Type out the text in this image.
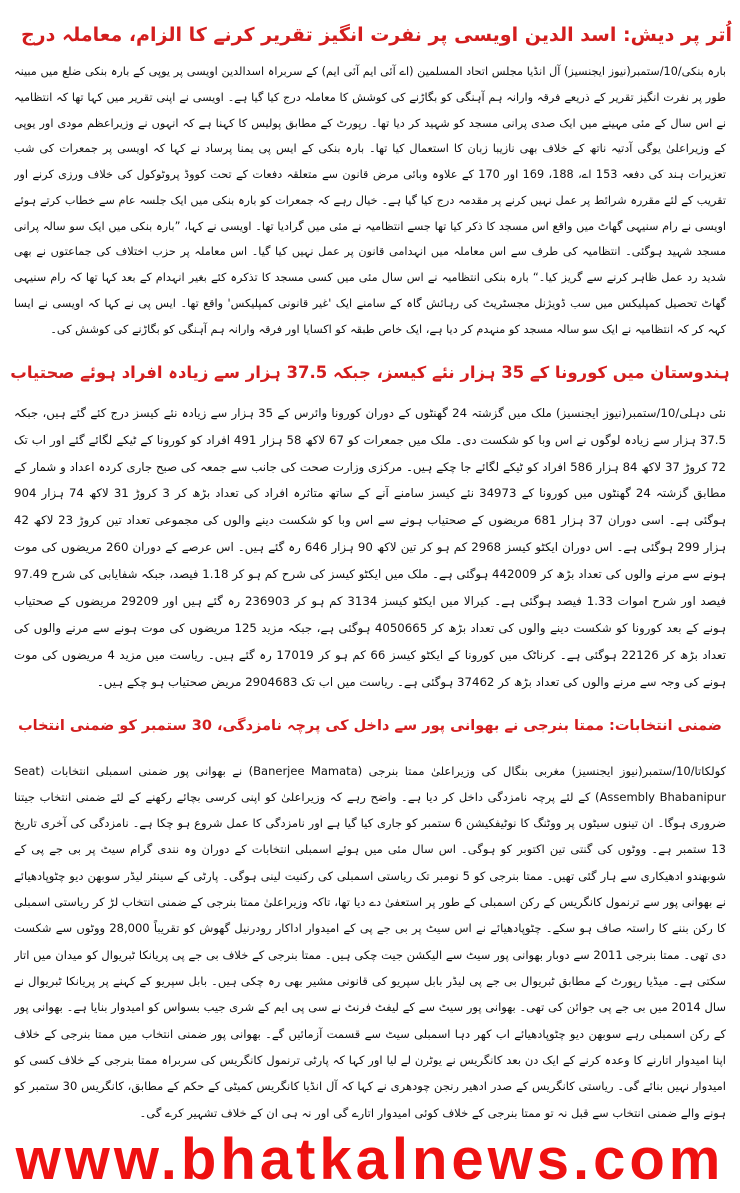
اُتر پر دیش: اسد الدین اویسی پر نفرت انگیز تقریر کرنے کا الزام، معاملہ درج

بارہ بنکی/10/ستمبر(نیوز ایجنسیز) آل انڈیا مجلس اتحاد المسلمین (اے آئی ایم آئی ایم) کے سربراہ اسدالدین اویسی پر یوپی کے بارہ بنکی ضلع میں مبینہ طور پر نفرت انگیز تقریر کے ذریعے فرقہ وارانہ ہم آہنگی کو بگاڑنے کی کوشش کا معاملہ درج کیا گیا ہے۔ اویسی نے اپنی تقریر میں کہا تھا کہ انتظامیہ نے اس سال کے مئی مہینے میں ایک صدی پرانی مسجد کو شہید کر دیا تھا۔ رپورٹ کے مطابق پولیس کا کہنا ہے کہ انہوں نے وزیراعظم مودی اور یوپی کے وزیراعلیٰ یوگی آدتیہ ناتھ کے خلاف بھی نازیبا زبان کا استعمال کیا تھا۔ بارہ بنکی کے ایس پی یمنا پرساد نے کہا کہ اویسی پر جمعرات کی شب تعزیرات ہند کی دفعہ 153 اے، 188، 169 اور 170 کے علاوہ وبائی مرض قانون سے متعلقہ دفعات کے تحت کووڈ پروٹوکول کی خلاف ورزی کرنے اور تقریب کے لئے مقررہ شرائط پر عمل نہیں کرنے پر مقدمہ درج کیا گیا ہے۔ خیال رہے کہ جمعرات کو بارہ بنکی میں ایک جلسہ عام سے خطاب کرتے ہوئے اویسی نے رام سنیہی گھاٹ میں واقع اس مسجد کا ذکر کیا تھا جسے انتظامیہ نے مئی میں گرادیا تھا۔ اویسی نے کہا، ”بارہ بنکی میں ایک سو سالہ پرانی مسجد شہید ہوگئی۔ انتظامیہ کی طرف سے اس معاملہ میں انہدامی قانون پر عمل نہیں کیا گیا۔ اس معاملہ پر حزب اختلاف کی جماعتوں نے بھی شدید رد عمل ظاہر کرنے سے گریز کیا۔“ بارہ بنکی انتظامیہ نے اس سال مئی میں کسی مسجد کا تذکرہ کئے بغیر انہدام کے بعد کہا تھا کہ رام سنیہی گھاٹ تحصیل کمپلیکس میں سب ڈویژنل مجسٹریٹ کی رہائش گاہ کے سامنے ایک 'غیر قانونی کمپلیکس' واقع تھا۔ ایس پی نے کہا کہ اویسی نے ایسا کہہ کر کہ انتظامیہ نے ایک سو سالہ مسجد کو منہدم کر دیا ہے، ایک خاص طبقہ کو اکسایا اور فرقہ وارانہ ہم آہنگی کو بگاڑنے کی کوشش کی۔

ہندوستان میں کورونا کے 35 ہزار نئے کیسز، جبکہ 37.5 ہزار سے زیادہ افراد ہوئے صحتیاب

نئی دہلی/10/ستمبر(نیوز ایجنسیز) ملک میں گزشتہ 24 گھنٹوں کے دوران کورونا وائرس کے 35 ہزار سے زیادہ نئے کیسز درج کئے گئے ہیں، جبکہ 37.5 ہزار سے زیادہ لوگوں نے اس وبا کو شکست دی۔ ملک میں جمعرات کو 67 لاکھ 58 ہزار 491 افراد کو کورونا کے ٹیکے لگائے گئے اور اب تک 72 کروڑ 37 لاکھ 84 ہزار 586 افراد کو ٹیکے لگائے جا چکے ہیں۔ مرکزی وزارت صحت کی جانب سے جمعہ کی صبح جاری کردہ اعداد و شمار کے مطابق گزشتہ 24 گھنٹوں میں کورونا کے 34973 نئے کیسز سامنے آنے کے ساتھ متاثرہ افراد کی تعداد بڑھ کر 3 کروڑ 31 لاکھ 74 ہزار 904 ہوگئی ہے۔ اسی دوران 37 ہزار 681 مریضوں کے صحتیاب ہونے سے اس وبا کو شکست دینے والوں کی مجموعی تعداد تین کروڑ 23 لاکھ 42 ہزار 299 ہوگئی ہے۔ اس دوران ایکٹو کیسز 2968 کم ہو کر تین لاکھ 90 ہزار 646 رہ گئے ہیں۔ اس عرصے کے دوران 260 مریضوں کی موت ہونے سے مرنے والوں کی تعداد بڑھ کر 442009 ہوگئی ہے۔ ملک میں ایکٹو کیسز کی شرح کم ہو کر 1.18 فیصد، جبکہ شفایابی کی شرح 97.49 فیصد اور شرح اموات 1.33 فیصد ہوگئی ہے۔ کیرالا میں ایکٹو کیسز 3134 کم ہو کر 236903 رہ گئے ہیں اور 29209 مریضوں کے صحتیاب ہونے کے بعد کورونا کو شکست دینے والوں کی تعداد بڑھ کر 4050665 ہوگئی ہے، جبکہ مزید 125 مریضوں کی موت ہونے سے مرنے والوں کی تعداد بڑھ کر 22126 ہوگئی ہے۔ کرناٹک میں کورونا کے ایکٹو کیسز 66 کم ہو کر 17019 رہ گئے ہیں۔ ریاست میں مزید 4 مریضوں کی موت ہونے کی وجہ سے مرنے والوں کی تعداد بڑھ کر 37462 ہوگئی ہے۔ ریاست میں اب تک 2904683 مریض صحتیاب ہو چکے ہیں۔

ضمنی انتخابات: ممتا بنرجی نے بھوانی پور سے داخل کی پرچہ نامزدگی، 30 ستمبر کو ضمنی انتخاب

کولکاتا/10/ستمبر(نیوز ایجنسیز) مغربی بنگال کی وزیراعلیٰ ممتا بنرجی (Banerjee Mamata) نے بھوانی پور ضمنی اسمبلی انتخابات (Seat Assembly Bhabanipur) کے لئے پرچہ نامزدگی داخل کر دیا ہے۔ واضح رہے کہ وزیراعلیٰ کو اپنی کرسی بچائے رکھنے کے لئے ضمنی انتخاب جیتنا ضروری ہوگا۔ ان تینوں سیٹوں پر ووٹنگ کا نوٹیفکیشن 6 ستمبر کو جاری کیا گیا ہے اور نامزدگی کا عمل شروع ہو چکا ہے۔ نامزدگی کی آخری تاریخ 13 ستمبر ہے۔ ووٹوں کی گنتی تین اکتوبر کو ہوگی۔ اس سال مئی میں ہوئے اسمبلی انتخابات کے دوران وہ نندی گرام سیٹ پر بی جے پی کے شوبھندو ادھیکاری سے ہار گئی تھیں۔ ممتا بنرجی کو 5 نومبر تک ریاستی اسمبلی کی رکنیت لینی ہوگی۔ پارٹی کے سینئر لیڈر سوبھن دیو چٹوپادھیائے نے بھوانی پور سے ترنمول کانگریس کے رکن اسمبلی کے طور پر استعفیٰ دے دیا تھا، تاکہ وزیراعلیٰ ممتا بنرجی کے ضمنی انتخاب لڑ کر ریاستی اسمبلی کا رکن بننے کا راستہ صاف ہو سکے۔ چٹوپادھیائے نے اس سیٹ پر بی جے پی کے امیدوار اداکار رودرنیل گھوش کو تقریباً 28,000 ووٹوں سے شکست دی تھی۔ ممتا بنرجی 2011 سے دوبار بھوانی پور سیٹ سے الیکشن جیت چکی ہیں۔ ممتا بنرجی کے خلاف بی جے پی پریانکا ٹبریوال کو میدان میں اتار سکتی ہے۔ میڈیا رپورٹ کے مطابق ٹبریوال بی جے پی لیڈر بابل سپریو کی قانونی مشیر بھی رہ چکی ہیں۔ بابل سپریو کے کہنے پر پریانکا ٹبریوال نے سال 2014 میں بی جے پی جوائن کی تھی۔ بھوانی پور سیٹ سے کے لیفٹ فرنٹ نے سی پی ایم کے شری جیب بسواس کو امیدوار بنایا ہے۔ بھوانی پور کے رکن اسمبلی رہے سوبھن دیو چٹوپادھیائے اب کھر دہا اسمبلی سیٹ سے قسمت آزمائیں گے۔ بھوانی پور ضمنی انتخاب میں ممتا بنرجی کے خلاف اپنا امیدوار اتارنے کا وعدہ کرنے کے ایک دن بعد کانگریس نے یوٹرن لے لیا اور کہا کہ پارٹی ترنمول کانگریس کی سربراہ ممتا بنرجی کے خلاف کسی کو امیدوار نہیں بنائے گی۔ ریاستی کانگریس کے صدر ادھیر رنجن چودھری نے کہا کہ آل انڈیا کانگریس کمیٹی کے حکم کے مطابق، کانگریس 30 ستمبر کو ہونے والے ضمنی انتخاب سے قبل نہ تو ممتا بنرجی کے خلاف کوئی امیدوار اتارے گی اور نہ ہی ان کے خلاف تشہیر کرے گی۔

www.bhatkalnews.com
